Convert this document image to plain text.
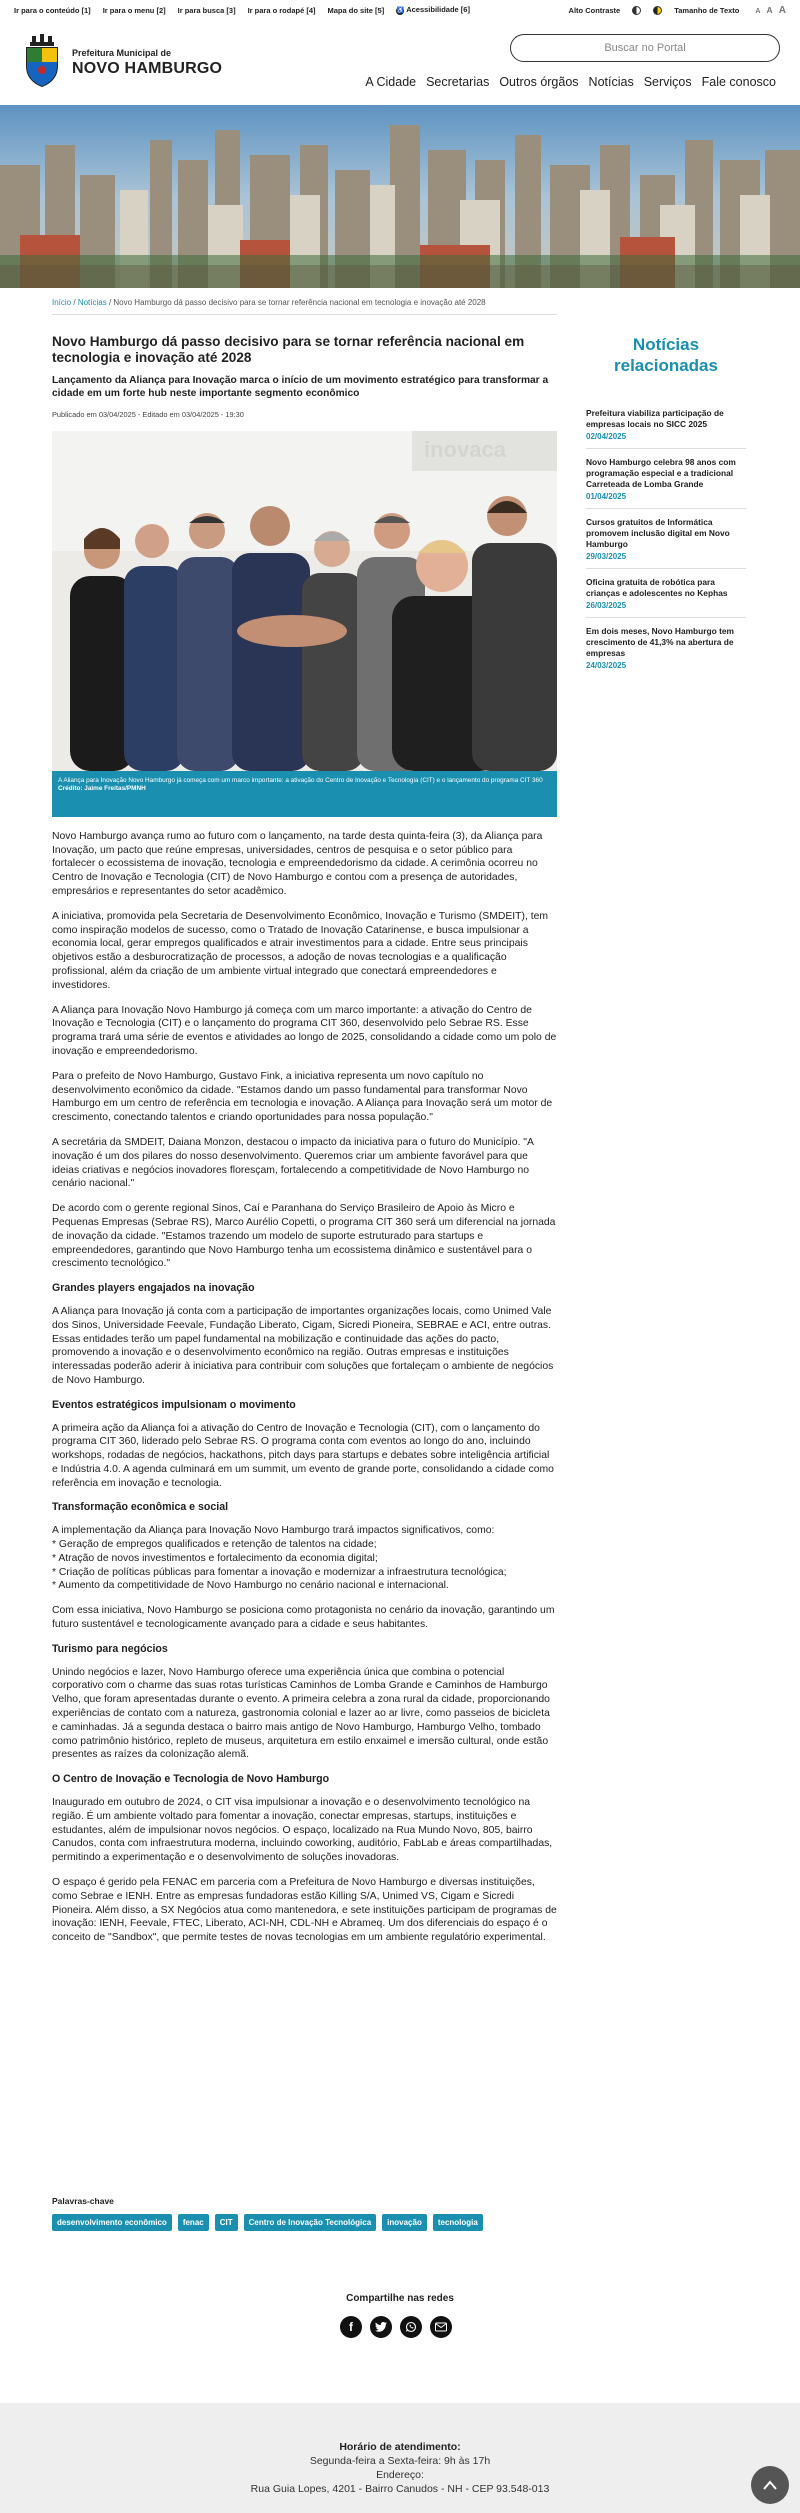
Ir para o conteúdo [1] Ir para o menu [2] Ir para busca [3] Ir para o rodapé [4] Mapa do site [5] ♿ Acessibilidade [6]	Alto Contraste	Tamanho de Texto	A A A
Prefeitura Municipal de
NOVO HAMBURGO
Buscar no Portal
A Cidade Secretarias Outros órgãos Notícias Serviços Fale conosco
Início / Notícias / Novo Hamburgo dá passo decisivo para se tornar referência nacional em tecnologia e inovação até 2028
Novo Hamburgo dá passo decisivo para se tornar referência nacional em tecnologia e inovação até 2028
Lançamento da Aliança para Inovação marca o início de um movimento estratégico para transformar a cidade em um forte hub neste importante segmento econômico
Publicado em 03/04/2025 - Editado em 03/04/2025 - 19:30
inovaca
A Aliança para Inovação Novo Hamburgo já começa com um marco importante: a ativação do Centro de Inovação e Tecnologia (CIT) e o lançamento do programa CIT 360
Crédito: Jaime Freitas/PMNH

Novo Hamburgo avança rumo ao futuro com o lançamento, na tarde desta quinta-feira (3), da Aliança para Inovação, um pacto que reúne empresas, universidades, centros de pesquisa e o setor público para fortalecer o ecossistema de inovação, tecnologia e empreendedorismo da cidade. A cerimônia ocorreu no Centro de Inovação e Tecnologia (CIT) de Novo Hamburgo e contou com a presença de autoridades, empresários e representantes do setor acadêmico.

A iniciativa, promovida pela Secretaria de Desenvolvimento Econômico, Inovação e Turismo (SMDEIT), tem como inspiração modelos de sucesso, como o Tratado de Inovação Catarinense, e busca impulsionar a economia local, gerar empregos qualificados e atrair investimentos para a cidade. Entre seus principais objetivos estão a desburocratização de processos, a adoção de novas tecnologias e a qualificação profissional, além da criação de um ambiente virtual integrado que conectará empreendedores e investidores.

A Aliança para Inovação Novo Hamburgo já começa com um marco importante: a ativação do Centro de Inovação e Tecnologia (CIT) e o lançamento do programa CIT 360, desenvolvido pelo Sebrae RS. Esse programa trará uma série de eventos e atividades ao longo de 2025, consolidando a cidade como um polo de inovação e empreendedorismo.

Para o prefeito de Novo Hamburgo, Gustavo Fink, a iniciativa representa um novo capítulo no desenvolvimento econômico da cidade. "Estamos dando um passo fundamental para transformar Novo Hamburgo em um centro de referência em tecnologia e inovação. A Aliança para Inovação será um motor de crescimento, conectando talentos e criando oportunidades para nossa população."

A secretária da SMDEIT, Daiana Monzon, destacou o impacto da iniciativa para o futuro do Município. "A inovação é um dos pilares do nosso desenvolvimento. Queremos criar um ambiente favorável para que ideias criativas e negócios inovadores floresçam, fortalecendo a competitividade de Novo Hamburgo no cenário nacional."

De acordo com o gerente regional Sinos, Caí e Paranhana do Serviço Brasileiro de Apoio às Micro e Pequenas Empresas (Sebrae RS), Marco Aurélio Copetti, o programa CIT 360 será um diferencial na jornada de inovação da cidade. "Estamos trazendo um modelo de suporte estruturado para startups e empreendedores, garantindo que Novo Hamburgo tenha um ecossistema dinâmico e sustentável para o crescimento tecnológico."

Grandes players engajados na inovação

A Aliança para Inovação já conta com a participação de importantes organizações locais, como Unimed Vale dos Sinos, Universidade Feevale, Fundação Liberato, Cigam, Sicredi Pioneira, SEBRAE e ACI, entre outras. Essas entidades terão um papel fundamental na mobilização e continuidade das ações do pacto, promovendo a inovação e o desenvolvimento econômico na região. Outras empresas e instituições interessadas poderão aderir à iniciativa para contribuir com soluções que fortaleçam o ambiente de negócios de Novo Hamburgo.

Eventos estratégicos impulsionam o movimento

A primeira ação da Aliança foi a ativação do Centro de Inovação e Tecnologia (CIT), com o lançamento do programa CIT 360, liderado pelo Sebrae RS. O programa conta com eventos ao longo do ano, incluindo workshops, rodadas de negócios, hackathons, pitch days para startups e debates sobre inteligência artificial e Indústria 4.0. A agenda culminará em um summit, um evento de grande porte, consolidando a cidade como referência em inovação e tecnologia.

Transformação econômica e social

A implementação da Aliança para Inovação Novo Hamburgo trará impactos significativos, como:
* Geração de empregos qualificados e retenção de talentos na cidade;
* Atração de novos investimentos e fortalecimento da economia digital;
* Criação de políticas públicas para fomentar a inovação e modernizar a infraestrutura tecnológica;
* Aumento da competitividade de Novo Hamburgo no cenário nacional e internacional.

Com essa iniciativa, Novo Hamburgo se posiciona como protagonista no cenário da inovação, garantindo um futuro sustentável e tecnologicamente avançado para a cidade e seus habitantes.

Turismo para negócios

Unindo negócios e lazer, Novo Hamburgo oferece uma experiência única que combina o potencial corporativo com o charme das suas rotas turísticas Caminhos de Lomba Grande e Caminhos de Hamburgo Velho, que foram apresentadas durante o evento. A primeira celebra a zona rural da cidade, proporcionando experiências de contato com a natureza, gastronomia colonial e lazer ao ar livre, como passeios de bicicleta e caminhadas. Já a segunda destaca o bairro mais antigo de Novo Hamburgo, Hamburgo Velho, tombado como patrimônio histórico, repleto de museus, arquitetura em estilo enxaimel e imersão cultural, onde estão presentes as raízes da colonização alemã.

O Centro de Inovação e Tecnologia de Novo Hamburgo

Inaugurado em outubro de 2024, o CIT visa impulsionar a inovação e o desenvolvimento tecnológico na região. É um ambiente voltado para fomentar a inovação, conectar empresas, startups, instituições e estudantes, além de impulsionar novos negócios. O espaço, localizado na Rua Mundo Novo, 805, bairro Canudos, conta com infraestrutura moderna, incluindo coworking, auditório, FabLab e áreas compartilhadas, permitindo a experimentação e o desenvolvimento de soluções inovadoras.

O espaço é gerido pela FENAC em parceria com a Prefeitura de Novo Hamburgo e diversas instituições, como Sebrae e IENH. Entre as empresas fundadoras estão Killing S/A, Unimed VS, Cigam e Sicredi Pioneira. Além disso, a SX Negócios atua como mantenedora, e sete instituições participam de programas de inovação: IENH, Feevale, FTEC, Liberato, ACI-NH, CDL-NH e Abrameq. Um dos diferenciais do espaço é o conceito de "Sandbox", que permite testes de novas tecnologias em um ambiente regulatório experimental.

Palavras-chave
desenvolvimento econômico	fenac	CIT	Centro de Inovação Tecnológica	inovação	tecnologia
Compartilhe nas redes
f
Notícias relacionadas
Prefeitura viabiliza participação de empresas locais no SICC 2025
02/04/2025
Novo Hamburgo celebra 98 anos com programação especial e a tradicional Carreteada de Lomba Grande
01/04/2025
Cursos gratuitos de Informática promovem inclusão digital em Novo Hamburgo
29/03/2025
Oficina gratuita de robótica para crianças e adolescentes no Kephas
26/03/2025
Em dois meses, Novo Hamburgo tem crescimento de 41,3% na abertura de empresas
24/03/2025
Horário de atendimento:
Segunda-feira a Sexta-feira: 9h às 17h
Endereço:
Rua Guia Lopes, 4201 - Bairro Canudos - NH - CEP 93.548-013
